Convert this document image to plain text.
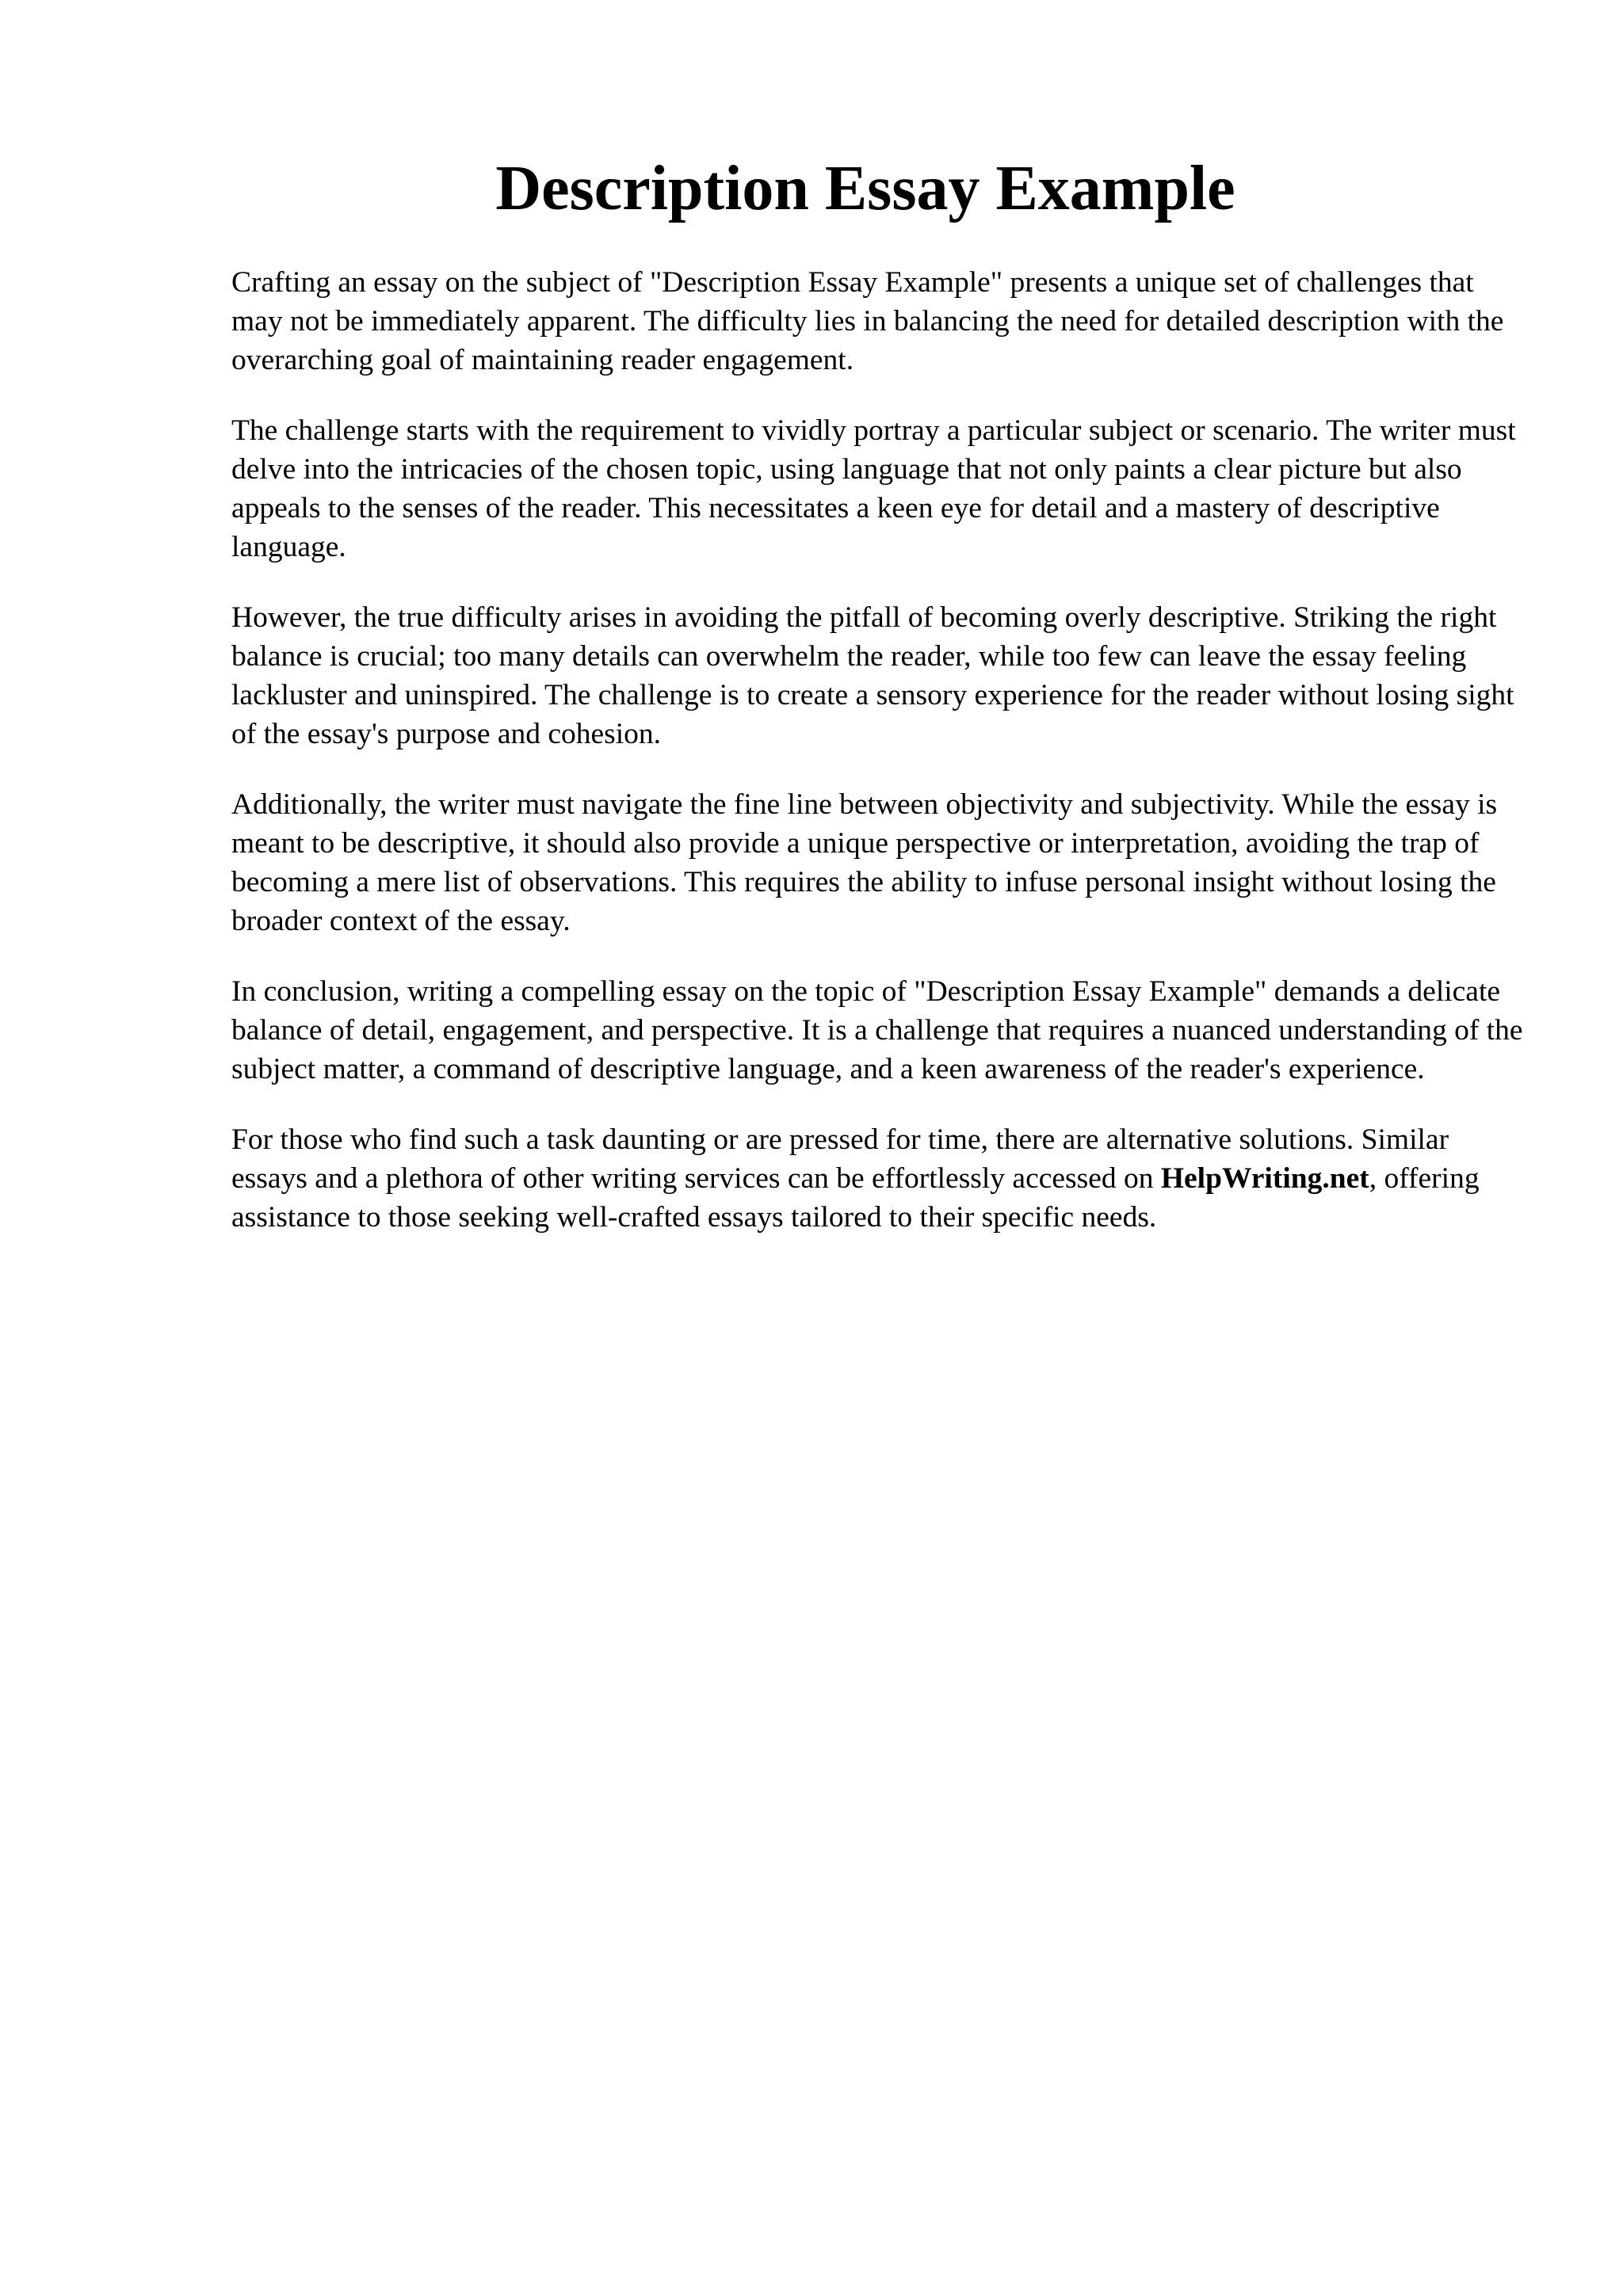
Description Essay Example

Crafting an essay on the subject of "Description Essay Example" presents a unique set of challenges that may not be immediately apparent. The difficulty lies in balancing the need for detailed description with the overarching goal of maintaining reader engagement.

The challenge starts with the requirement to vividly portray a particular subject or scenario. The writer must delve into the intricacies of the chosen topic, using language that not only paints a clear picture but also appeals to the senses of the reader. This necessitates a keen eye for detail and a mastery of descriptive language.

However, the true difficulty arises in avoiding the pitfall of becoming overly descriptive. Striking the right balance is crucial; too many details can overwhelm the reader, while too few can leave the essay feeling lackluster and uninspired. The challenge is to create a sensory experience for the reader without losing sight of the essay's purpose and cohesion.

Additionally, the writer must navigate the fine line between objectivity and subjectivity. While the essay is meant to be descriptive, it should also provide a unique perspective or interpretation, avoiding the trap of becoming a mere list of observations. This requires the ability to infuse personal insight without losing the broader context of the essay.

In conclusion, writing a compelling essay on the topic of "Description Essay Example" demands a delicate balance of detail, engagement, and perspective. It is a challenge that requires a nuanced understanding of the subject matter, a command of descriptive language, and a keen awareness of the reader's experience.

For those who find such a task daunting or are pressed for time, there are alternative solutions. Similar essays and a plethora of other writing services can be effortlessly accessed on HelpWriting.net, offering assistance to those seeking well-crafted essays tailored to their specific needs.
